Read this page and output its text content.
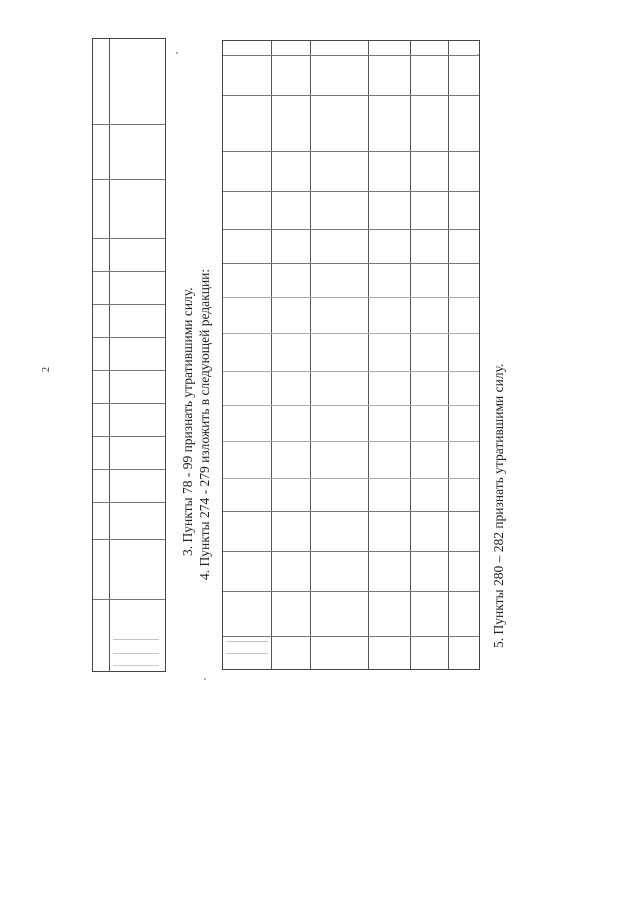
2	3. Пункты 78 - 99 признать утратившими силу. 4. Пункты 274 - 279 изложить в следующей редакции:	5. Пункты 280 – 282 признать утратившими силу.
